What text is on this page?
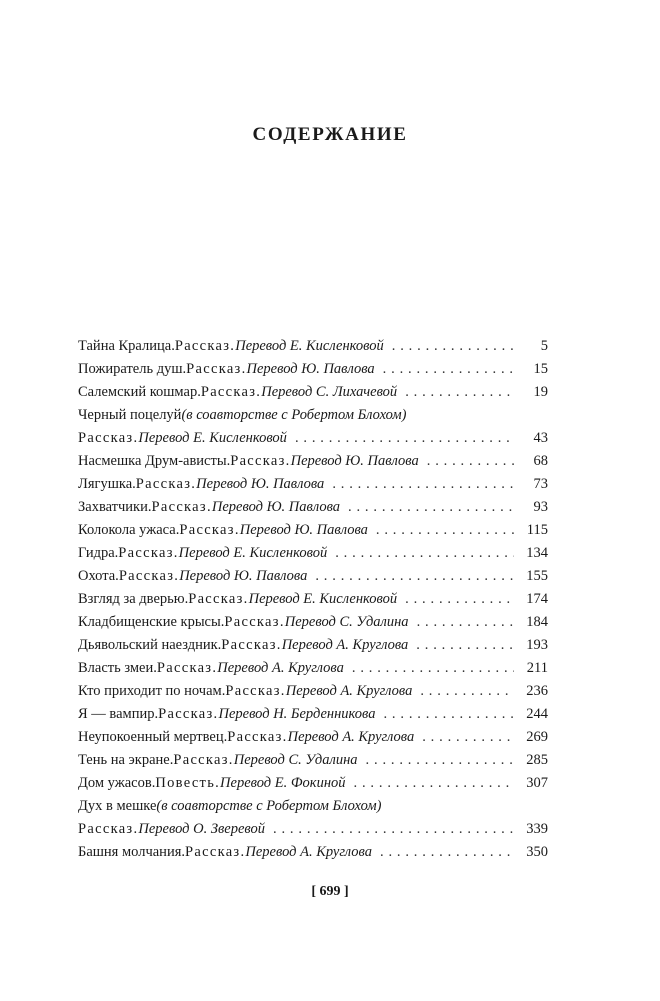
СОДЕРЖАНИЕ
Тайна Кралица. Рассказ. Перевод Е. Кисленковой . . .	5
Пожиратель душ. Рассказ. Перевод Ю. Павлова . . .	15
Салемский кошмар. Рассказ. Перевод С. Лихачевой . . .	19
Черный поцелуй (в соавторстве с Робертом Блохом)
Рассказ. Перевод Е. Кисленковой . . .	43
Насмешка Друм-ависты. Рассказ. Перевод Ю. Павлова . . .	68
Лягушка. Рассказ. Перевод Ю. Павлова . . .	73
Захватчики. Рассказ. Перевод Ю. Павлова . . .	93
Колокола ужаса. Рассказ. Перевод Ю. Павлова . . .	115
Гидра. Рассказ. Перевод Е. Кисленковой . . .	134
Охота. Рассказ. Перевод Ю. Павлова . . .	155
Взгляд за дверью. Рассказ. Перевод Е. Кисленковой . . .	174
Кладбищенские крысы. Рассказ. Перевод С. Удалина . . .	184
Дьявольский наездник. Рассказ. Перевод А. Круглова . . .	193
Власть змеи. Рассказ. Перевод А. Круглова . . .	211
Кто приходит по ночам. Рассказ. Перевод А. Круглова . . .	236
Я — вампир. Рассказ. Перевод Н. Берденникова . . .	244
Неупокоенный мертвец. Рассказ. Перевод А. Круглова . . .	269
Тень на экране. Рассказ. Перевод С. Удалина . . .	285
Дом ужасов. Повесть. Перевод Е. Фокиной . . .	307
Дух в мешке (в соавторстве с Робертом Блохом)
Рассказ. Перевод О. Зверевой . . .	339
Башня молчания. Рассказ. Перевод А. Круглова . . .	350
[ 699 ]
